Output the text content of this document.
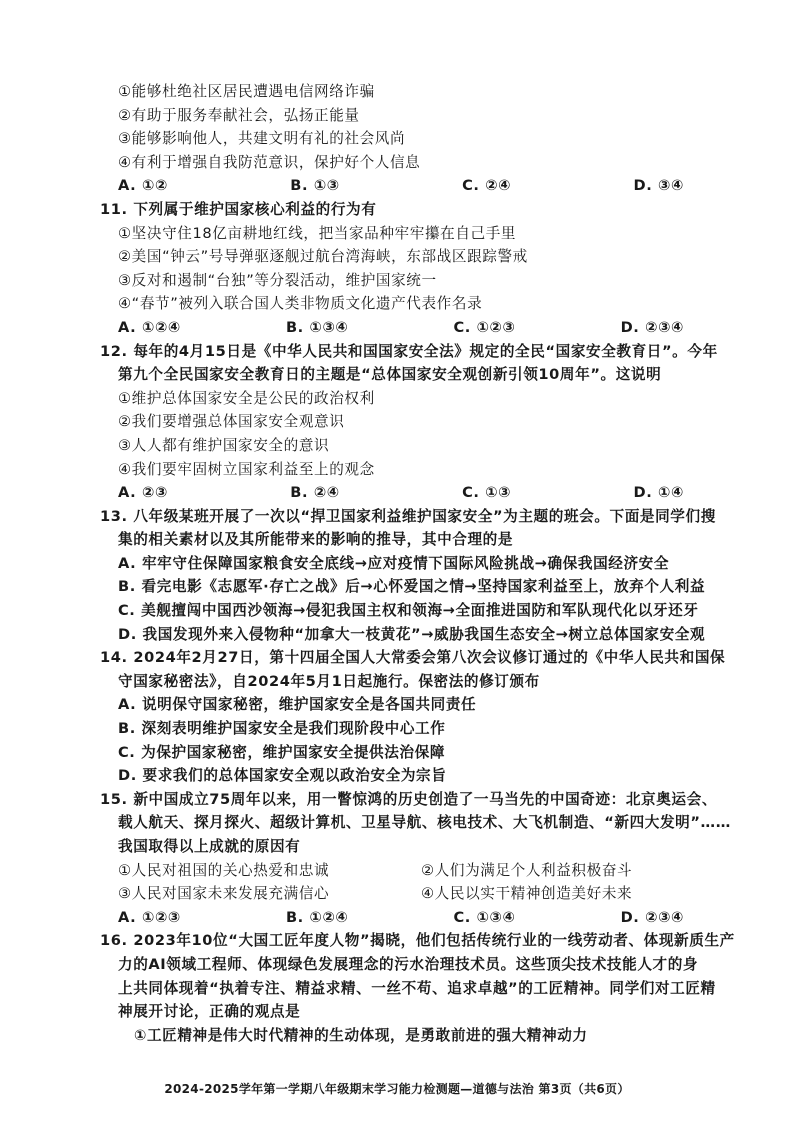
①能够杜绝社区居民遭遇电信网络诈骗
②有助于服务奉献社会，弘扬正能量
③能够影响他人，共建文明有礼的社会风尚
④有利于增强自我防范意识，保护好个人信息
A. ①②	B. ①③	C. ②④	D. ③④
11. 下列属于维护国家核心利益的行为有
①坚决守住18亿亩耕地红线，把当家品种牢牢攥在自己手里
②美国“钟云”号导弹驱逐舰过航台湾海峡，东部战区跟踪警戒
③反对和遏制“台独”等分裂活动，维护国家统一
④“春节”被列入联合国人类非物质文化遗产代表作名录
A. ①②④	B. ①③④	C. ①②③	D. ②③④
12. 每年的4月15日是《中华人民共和国国家安全法》规定的全民“国家安全教育日”。今年
第九个全民国家安全教育日的主题是“总体国家安全观创新引领10周年”。这说明
①维护总体国家安全是公民的政治权利
②我们要增强总体国家安全观意识
③人人都有维护国家安全的意识
④我们要牢固树立国家利益至上的观念
A. ②③	B. ②④	C. ①③	D. ①④
13. 八年级某班开展了一次以“捍卫国家利益维护国家安全”为主题的班会。下面是同学们搜
集的相关素材以及其所能带来的影响的推导，其中合理的是
A. 牢牢守住保障国家粮食安全底线→应对疫情下国际风险挑战→确保我国经济安全
B. 看完电影《志愿军·存亡之战》后→心怀爱国之情→坚持国家利益至上，放弃个人利益
C. 美舰擅闯中国西沙领海→侵犯我国主权和领海→全面推进国防和军队现代化以牙还牙
D. 我国发现外来入侵物种“加拿大一枝黄花”→威胁我国生态安全→树立总体国家安全观
14. 2024年2月27日，第十四届全国人大常委会第八次会议修订通过的《中华人民共和国保
守国家秘密法》，自2024年5月1日起施行。保密法的修订颁布
A. 说明保守国家秘密，维护国家安全是各国共同责任
B. 深刻表明维护国家安全是我们现阶段中心工作
C. 为保护国家秘密，维护国家安全提供法治保障
D. 要求我们的总体国家安全观以政治安全为宗旨
15. 新中国成立75周年以来，用一瞥惊鸿的历史创造了一马当先的中国奇迹：北京奥运会、
载人航天、探月探火、超级计算机、卫星导航、核电技术、大飞机制造、“新四大发明”……
我国取得以上成就的原因有
①人民对祖国的关心热爱和忠诚	②人们为满足个人利益积极奋斗
③人民对国家未来发展充满信心	④人民以实干精神创造美好未来
A. ①②③	B. ①②④	C. ①③④	D. ②③④
16. 2023年10位“大国工匠年度人物”揭晓，他们包括传统行业的一线劳动者、体现新质生产
力的AI领域工程师、体现绿色发展理念的污水治理技术员。这些顶尖技术技能人才的身
上共同体现着“执着专注、精益求精、一丝不苟、追求卓越”的工匠精神。同学们对工匠精
神展开讨论，正确的观点是
①工匠精神是伟大时代精神的生动体现，是勇敢前进的强大精神动力
2024-2025学年第一学期八年级期末学习能力检测题—道德与法治 第3页（共6页）
